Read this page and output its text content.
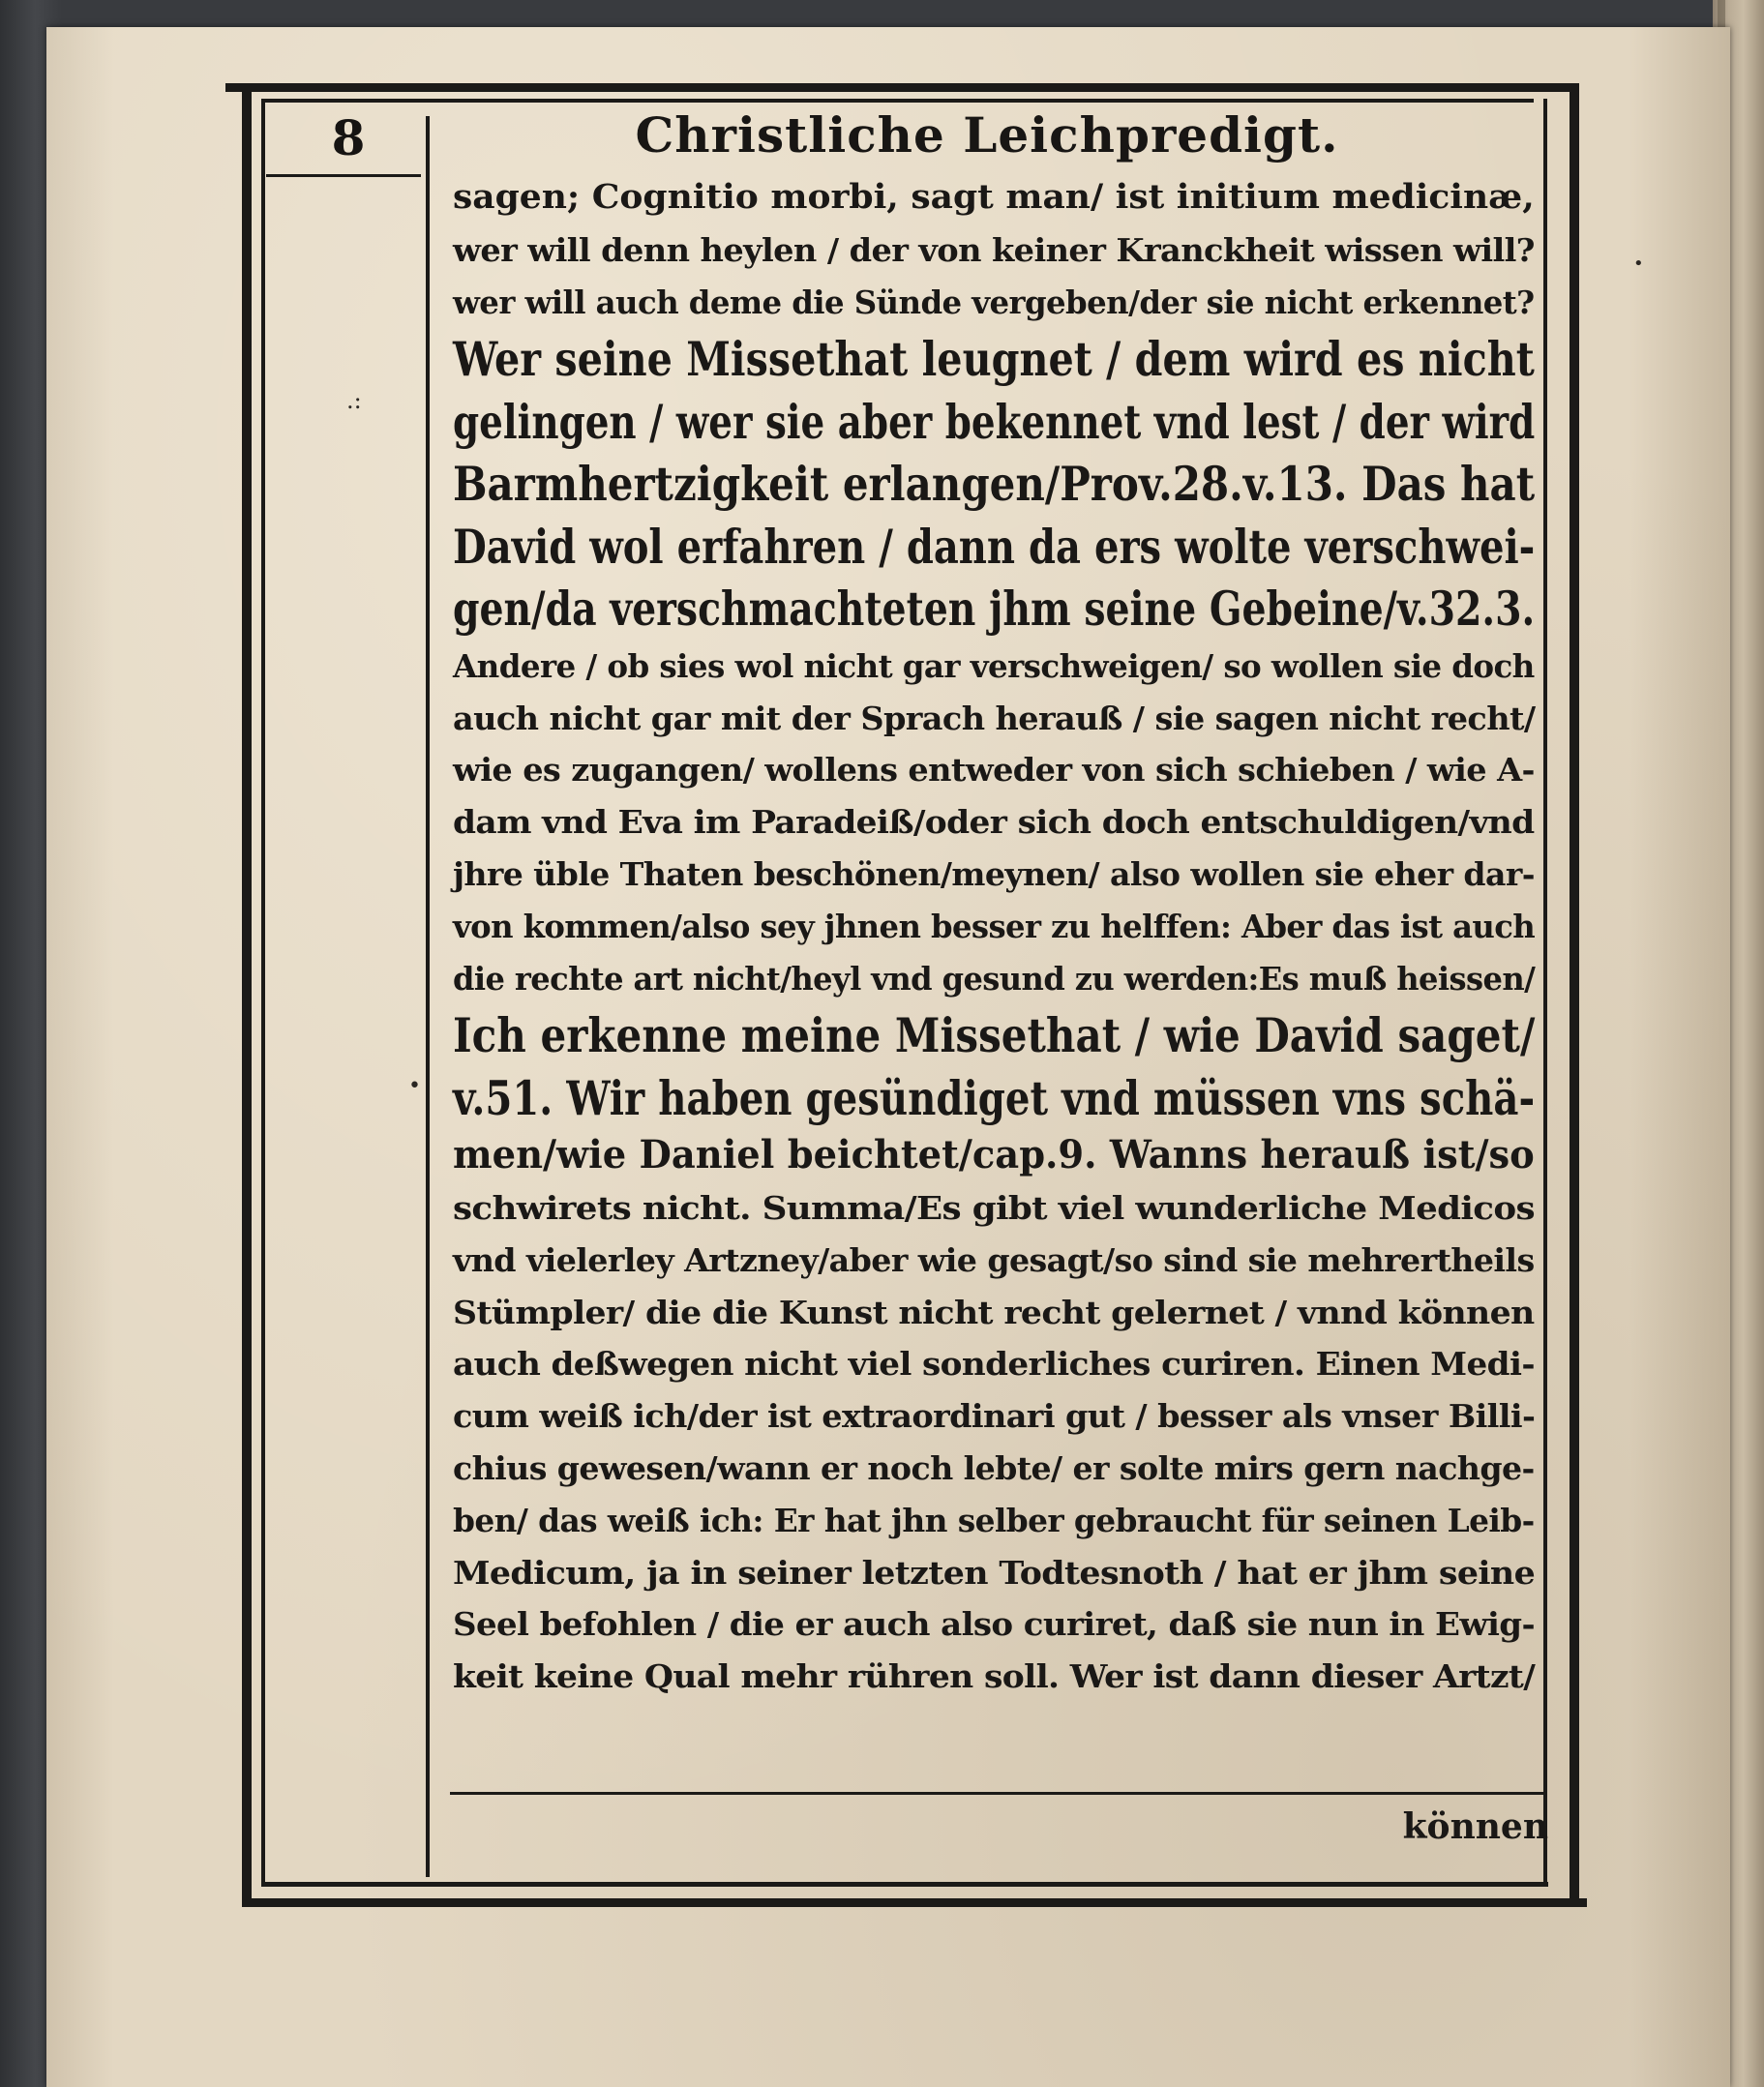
8	Christliche Leichpredigt.
sagen; Cognitio morbi, sagt man/ ist initium medicinæ,
wer will denn heylen / der von keiner Kranckheit wissen will?
wer will auch deme die Sünde vergeben/der sie nicht erkennet?
Wer seine Missethat leugnet / dem wird es nicht
gelingen / wer sie aber bekennet vnd lest / der wird
Barmhertzigkeit erlangen/Prov.28.v.13. Das hat
David wol erfahren / dann da ers wolte verschwei-
gen/da verschmachteten jhm seine Gebeine/v.32.3.
Andere / ob sies wol nicht gar verschweigen/ so wollen sie doch
auch nicht gar mit der Sprach herauß / sie sagen nicht recht/
wie es zugangen/ wollens entweder von sich schieben / wie A-
dam vnd Eva im Paradeiß/oder sich doch entschuldigen/vnd
jhre üble Thaten beschönen/meynen/ also wollen sie eher dar-
von kommen/also sey jhnen besser zu helffen: Aber das ist auch
die rechte art nicht/heyl vnd gesund zu werden:Es muß heissen/
Ich erkenne meine Missethat / wie David saget/
v.51. Wir haben gesündiget vnd müssen vns schä-
men/wie Daniel beichtet/cap.9. Wanns herauß ist/so
schwirets nicht. Summa/Es gibt viel wunderliche Medicos
vnd vielerley Artzney/aber wie gesagt/so sind sie mehrertheils
Stümpler/ die die Kunst nicht recht gelernet / vnnd können
auch deßwegen nicht viel sonderliches curiren. Einen Medi-
cum weiß ich/der ist extraordinari gut / besser als vnser Billi-
chius gewesen/wann er noch lebte/ er solte mirs gern nachge-
ben/ das weiß ich: Er hat jhn selber gebraucht für seinen Leib-
Medicum, ja in seiner letzten Todtesnoth / hat er jhm seine
Seel befohlen / die er auch also curiret, daß sie nun in Ewig-
keit keine Qual mehr rühren soll. Wer ist dann dieser Artzt/
können
.:
•
•
